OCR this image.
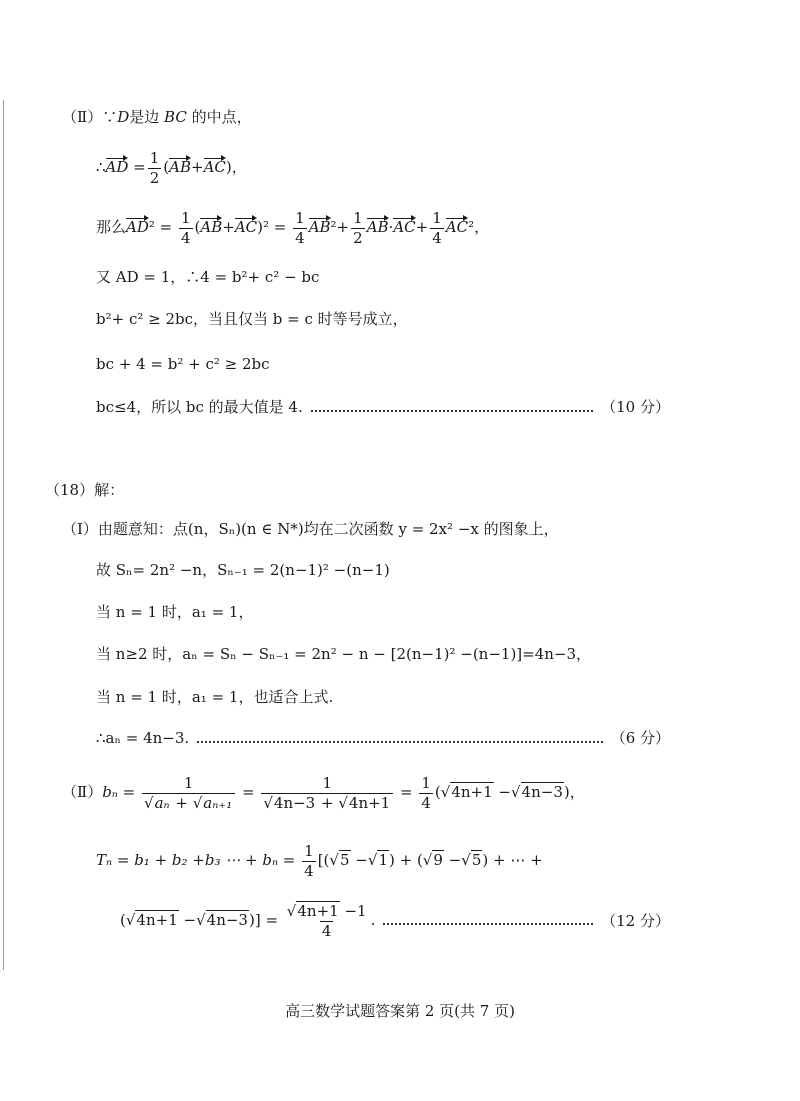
（Ⅱ）∵D是边 BC 的中点，
∴AD = $\frac{1}{2} (AB+AC)$，
那么$AD^2 = \frac{1}{4} (AB+AC)^2 = \frac{1}{4} AB^2+ \frac{1}{2} AB\cdot AC+ \frac{1}{4} AC^2$，
又 AD = 1，∴4 = b²+ c² − bc
b²+ c² ≥ 2bc，当且仅当 b = c 时等号成立，
bc + 4 = b² + c² ≥ 2bc
bc≤4，所以 bc 的最大值是 4.	（10 分）
（18）解：
（Ⅰ）由题意知：点(n，Sₙ)(n ∈ N*)均在二次函数 y = 2x² −x 的图象上，
故 Sₙ= 2n² −n，Sₙ₋₁ = 2(n−1)² −(n−1)
当 n = 1 时，a₁ = 1，
当 n≥2 时，aₙ = Sₙ − Sₙ₋₁ = 2n² − n − [2(n−1)² −(n−1)]=4n−3，
当 n = 1 时，a₁ = 1，也适合上式.
∴aₙ = 4n−3.	（6 分）
（Ⅱ）bₙ = 1
√ aₙ + √ aₙ₊₁ = 1
√ 4n−3 + √ $4n+1 = \frac{1}{4}$ ( √ 4n+1 − √ 4n−3)，
Tₙ = b₁ + b₂ +b₃ ⋯ + $b_n = \frac{1}{4}$ [( √ 5 − √ 1) + ( √ 9 − √ 5) + ⋯ +
( √ 4n+1 − √ 4n−3)] = √ $\frac{4n+1 -1}{4}$ .	（12 分）
高三数学试题答案第 2 页(共 7 页)
